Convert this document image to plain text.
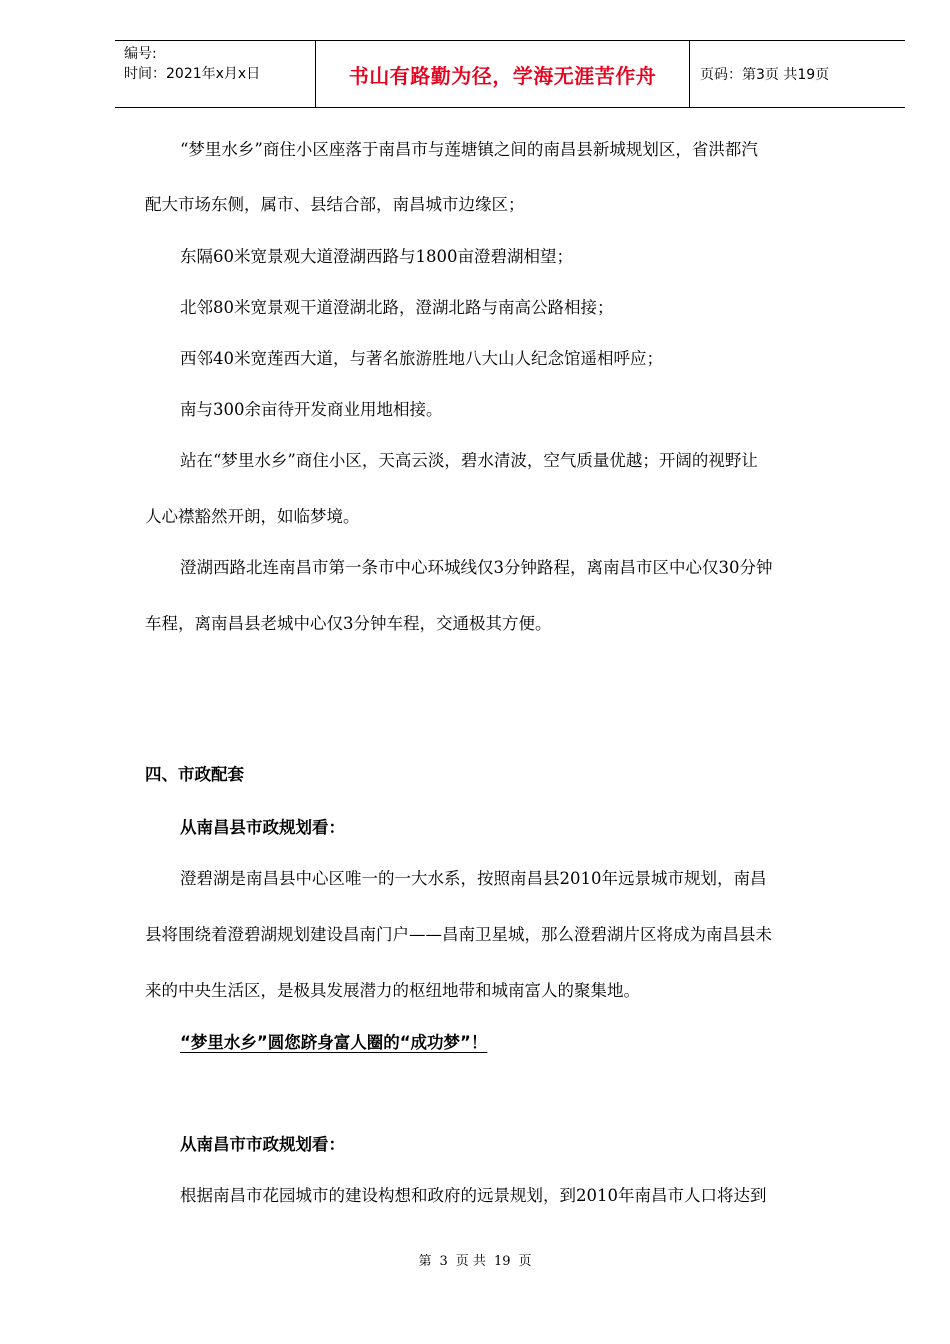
编号:
时间：2021年x月x日	书山有路勤为径，学海无涯苦作舟	页码：第3页 共19页
“梦里水乡”商住小区座落于南昌市与莲塘镇之间的南昌县新城规划区，省洪都汽
配大市场东侧，属市、县结合部，南昌城市边缘区；
东隔60米宽景观大道澄湖西路与1800亩澄碧湖相望；
北邻80米宽景观干道澄湖北路，澄湖北路与南高公路相接；
西邻40米宽莲西大道，与著名旅游胜地八大山人纪念馆遥相呼应；
南与300余亩待开发商业用地相接。
站在“梦里水乡”商住小区，天高云淡，碧水清波，空气质量优越；开阔的视野让
人心襟豁然开朗，如临梦境。
澄湖西路北连南昌市第一条市中心环城线仅3分钟路程，离南昌市区中心仅30分钟
车程，离南昌县老城中心仅3分钟车程，交通极其方便。
四、市政配套
从南昌县市政规划看：
澄碧湖是南昌县中心区唯一的一大水系，按照南昌县2010年远景城市规划，南昌
县将围绕着澄碧湖规划建设昌南门户——昌南卫星城，那么澄碧湖片区将成为南昌县未
来的中央生活区，是极具发展潜力的枢纽地带和城南富人的聚集地。
“梦里水乡”圆您跻身富人圈的“成功梦”！
从南昌市市政规划看：
根据南昌市花园城市的建设构想和政府的远景规划，到2010年南昌市人口将达到
第 3 页 共 19 页
